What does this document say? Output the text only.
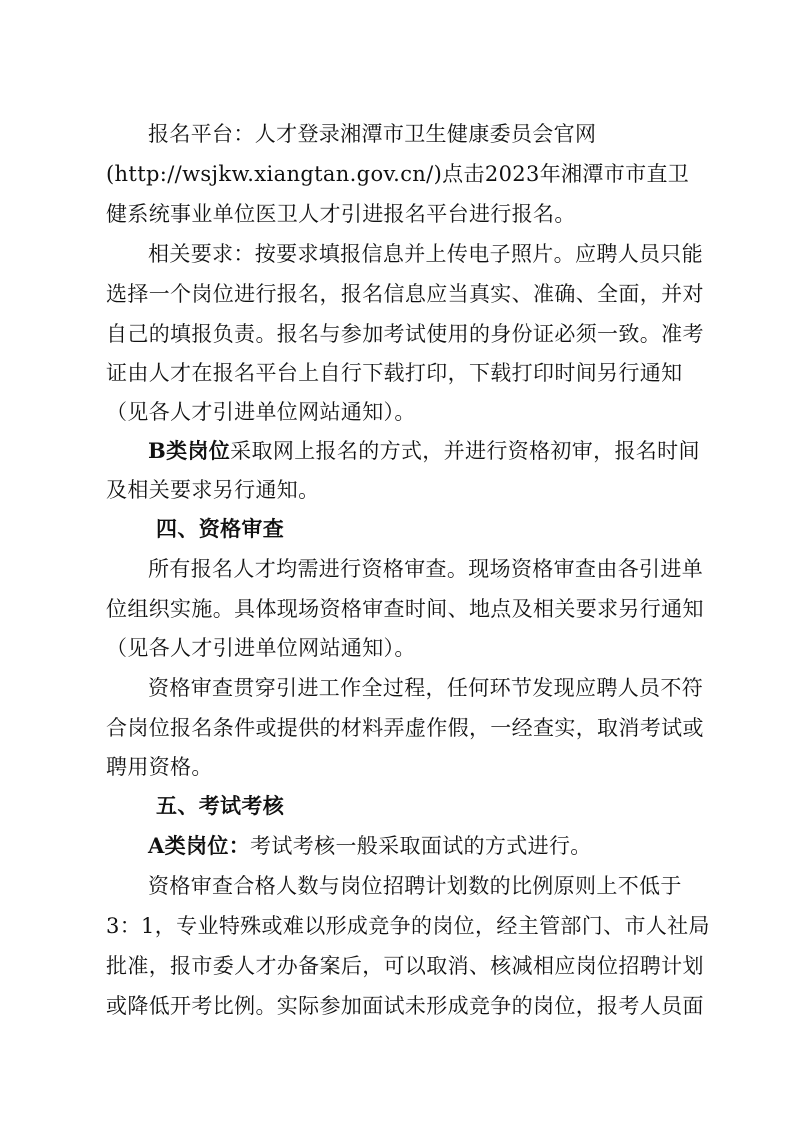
报名平台：人才登录湘潭市卫生健康委员会官网
(http://wsjkw.xiangtan.gov.cn/)点击2023年湘潭市市直卫
健系统事业单位医卫人才引进报名平台进行报名。
相关要求：按要求填报信息并上传电子照片。应聘人员只能
选择一个岗位进行报名，报名信息应当真实、准确、全面，并对
自己的填报负责。报名与参加考试使用的身份证必须一致。准考
证由人才在报名平台上自行下载打印，下载打印时间另行通知
（见各人才引进单位网站通知）。
B类岗位采取网上报名的方式，并进行资格初审，报名时间
及相关要求另行通知。
四、资格审查
所有报名人才均需进行资格审查。现场资格审查由各引进单
位组织实施。具体现场资格审查时间、地点及相关要求另行通知
（见各人才引进单位网站通知）。
资格审查贯穿引进工作全过程，任何环节发现应聘人员不符
合岗位报名条件或提供的材料弄虚作假，一经查实，取消考试或
聘用资格。
五、考试考核
A类岗位：考试考核一般采取面试的方式进行。
资格审查合格人数与岗位招聘计划数的比例原则上不低于
3：1，专业特殊或难以形成竞争的岗位，经主管部门、市人社局
批准，报市委人才办备案后，可以取消、核减相应岗位招聘计划
或降低开考比例。实际参加面试未形成竞争的岗位，报考人员面
